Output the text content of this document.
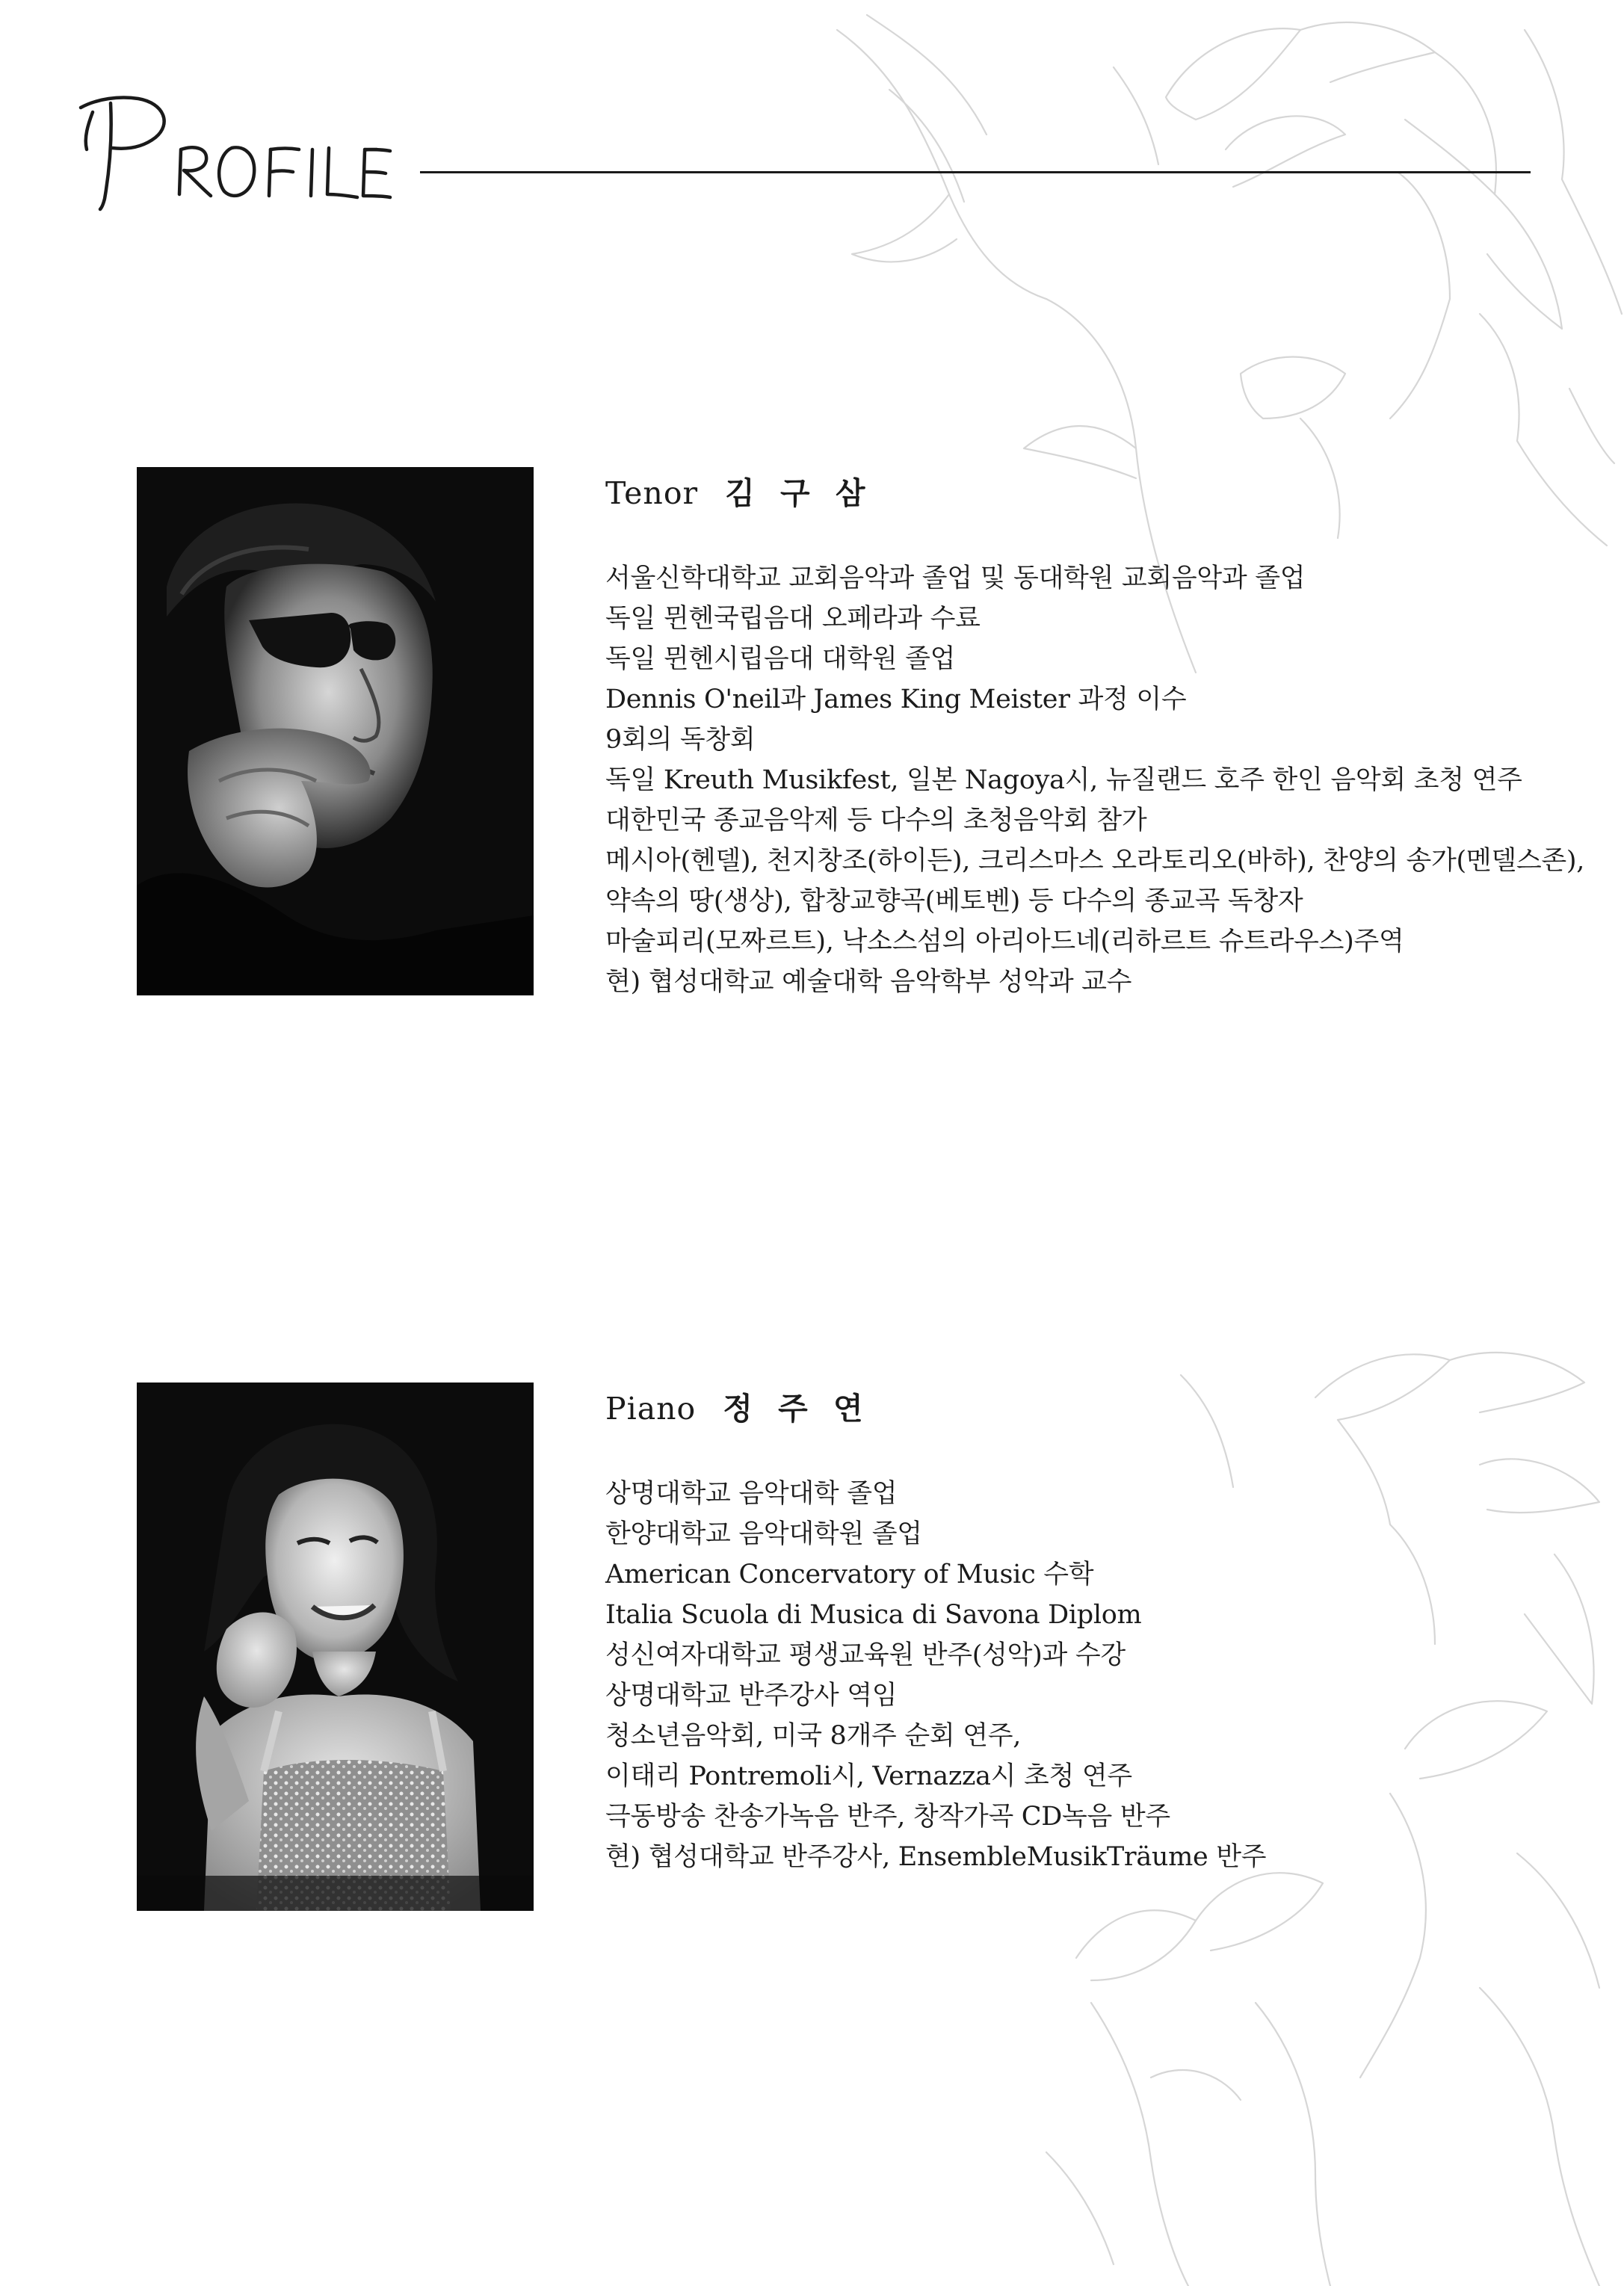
Tenor 김 구 삼
서울신학대학교 교회음악과 졸업 및 동대학원 교회음악과 졸업
독일 뮌헨국립음대 오페라과 수료
독일 뮌헨시립음대 대학원 졸업
Dennis O'neil과 James King Meister 과정 이수
9회의 독창회
독일 Kreuth Musikfest, 일본 Nagoya시, 뉴질랜드 호주 한인 음악회 초청 연주
대한민국 종교음악제 등 다수의 초청음악회 참가
메시아(헨델), 천지창조(하이든), 크리스마스 오라토리오(바하), 찬양의 송가(멘델스존),
약속의 땅(생상), 합창교향곡(베토벤) 등 다수의 종교곡 독창자
마술피리(모짜르트), 낙소스섬의 아리아드네(리하르트 슈트라우스)주역
현) 협성대학교 예술대학 음악학부 성악과 교수
Piano 정 주 연
상명대학교 음악대학 졸업
한양대학교 음악대학원 졸업
American Concervatory of Music 수학
Italia Scuola di Musica di Savona Diplom
성신여자대학교 평생교육원 반주(성악)과 수강
상명대학교 반주강사 역임
청소년음악회, 미국 8개주 순회 연주,
이태리 Pontremoli시, Vernazza시 초청 연주
극동방송 찬송가녹음 반주, 창작가곡 CD녹음 반주
현) 협성대학교 반주강사, EnsembleMusikTräume 반주
